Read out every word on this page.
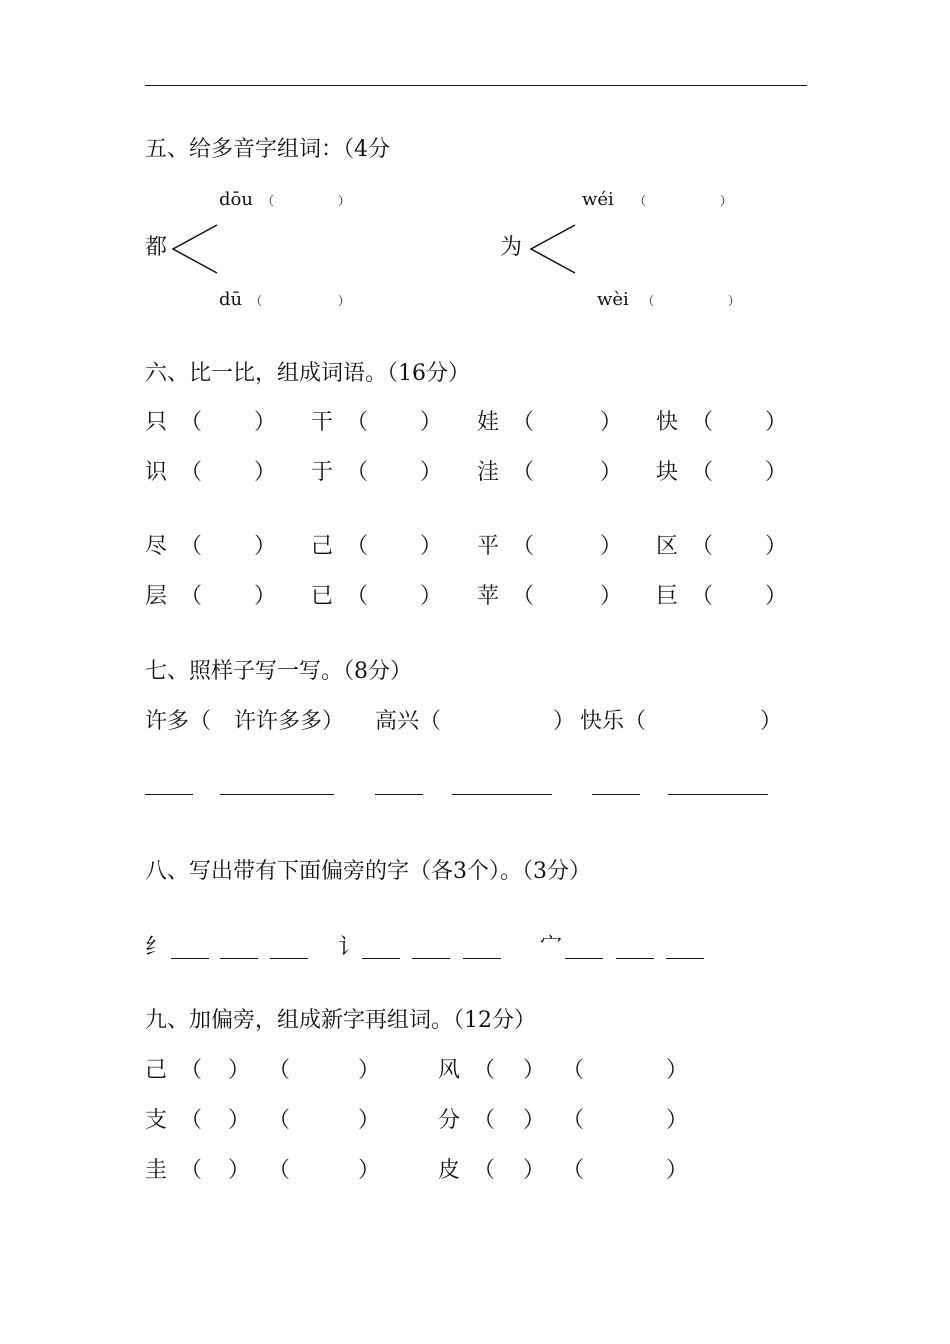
五、给多音字组词：（4分
dōu （	）
都
dū （	）
wéi （	）
为
wèi （	）
六、比一比，组成词语。（16分）
只 （ ） 干 （ ） 娃 （	） 快 （ ）
识 （ ） 于 （ ） 洼 （	） 块 （ ）
尽 （ ） 己 （ ） 平 （	） 区 （ ）
层 （ ） 已 （ ） 苹 （	） 巨 （ ）
七、照样子写一写。（8分）
许多（ 许许多多） 高兴（	） 快乐（	）
八、写出带有下面偏旁的字（各3个）。（3分）
纟	讠	宀
九、加偏旁，组成新字再组词。（12分）
己 （ ） （	）	风 （ ） （	）
支 （ ） （	）	分 （ ） （	）
圭 （ ） （	）	皮 （ ） （	）
